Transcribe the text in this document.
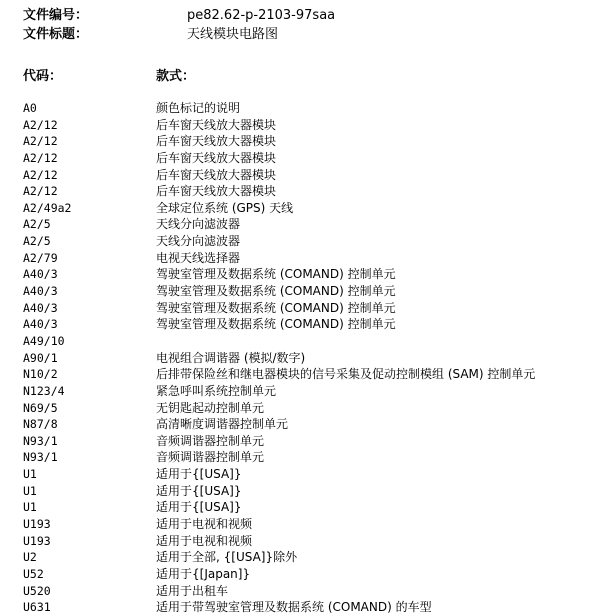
文件编号：	pe82.62-p-2103-97saa
文件标题：	天线模块电路图
代码：	款式：
A0	颜色标记的说明
A2/12	后车窗天线放大器模块
A2/12	后车窗天线放大器模块
A2/12	后车窗天线放大器模块
A2/12	后车窗天线放大器模块
A2/12	后车窗天线放大器模块
A2/49a2	全球定位系统 (GPS) 天线
A2/5	天线分向滤波器
A2/5	天线分向滤波器
A2/79	电视天线选择器
A40/3	驾驶室管理及数据系统 (COMAND) 控制单元
A40/3	驾驶室管理及数据系统 (COMAND) 控制单元
A40/3	驾驶室管理及数据系统 (COMAND) 控制单元
A40/3	驾驶室管理及数据系统 (COMAND) 控制单元
A49/10
A90/1	电视组合调谐器 (模拟/数字)
N10/2	后排带保险丝和继电器模块的信号采集及促动控制模组 (SAM) 控制单元
N123/4	紧急呼叫系统控制单元
N69/5	无钥匙起动控制单元
N87/8	高清晰度调谐器控制单元
N93/1	音频调谐器控制单元
N93/1	音频调谐器控制单元
U1	适用于{[USA]}
U1	适用于{[USA]}
U1	适用于{[USA]}
U193	适用于电视和视频
U193	适用于电视和视频
U2	适用于全部, {[USA]}除外
U52	适用于{[Japan]}
U520	适用于出租车
U631	适用于带驾驶室管理及数据系统 (COMAND) 的车型
